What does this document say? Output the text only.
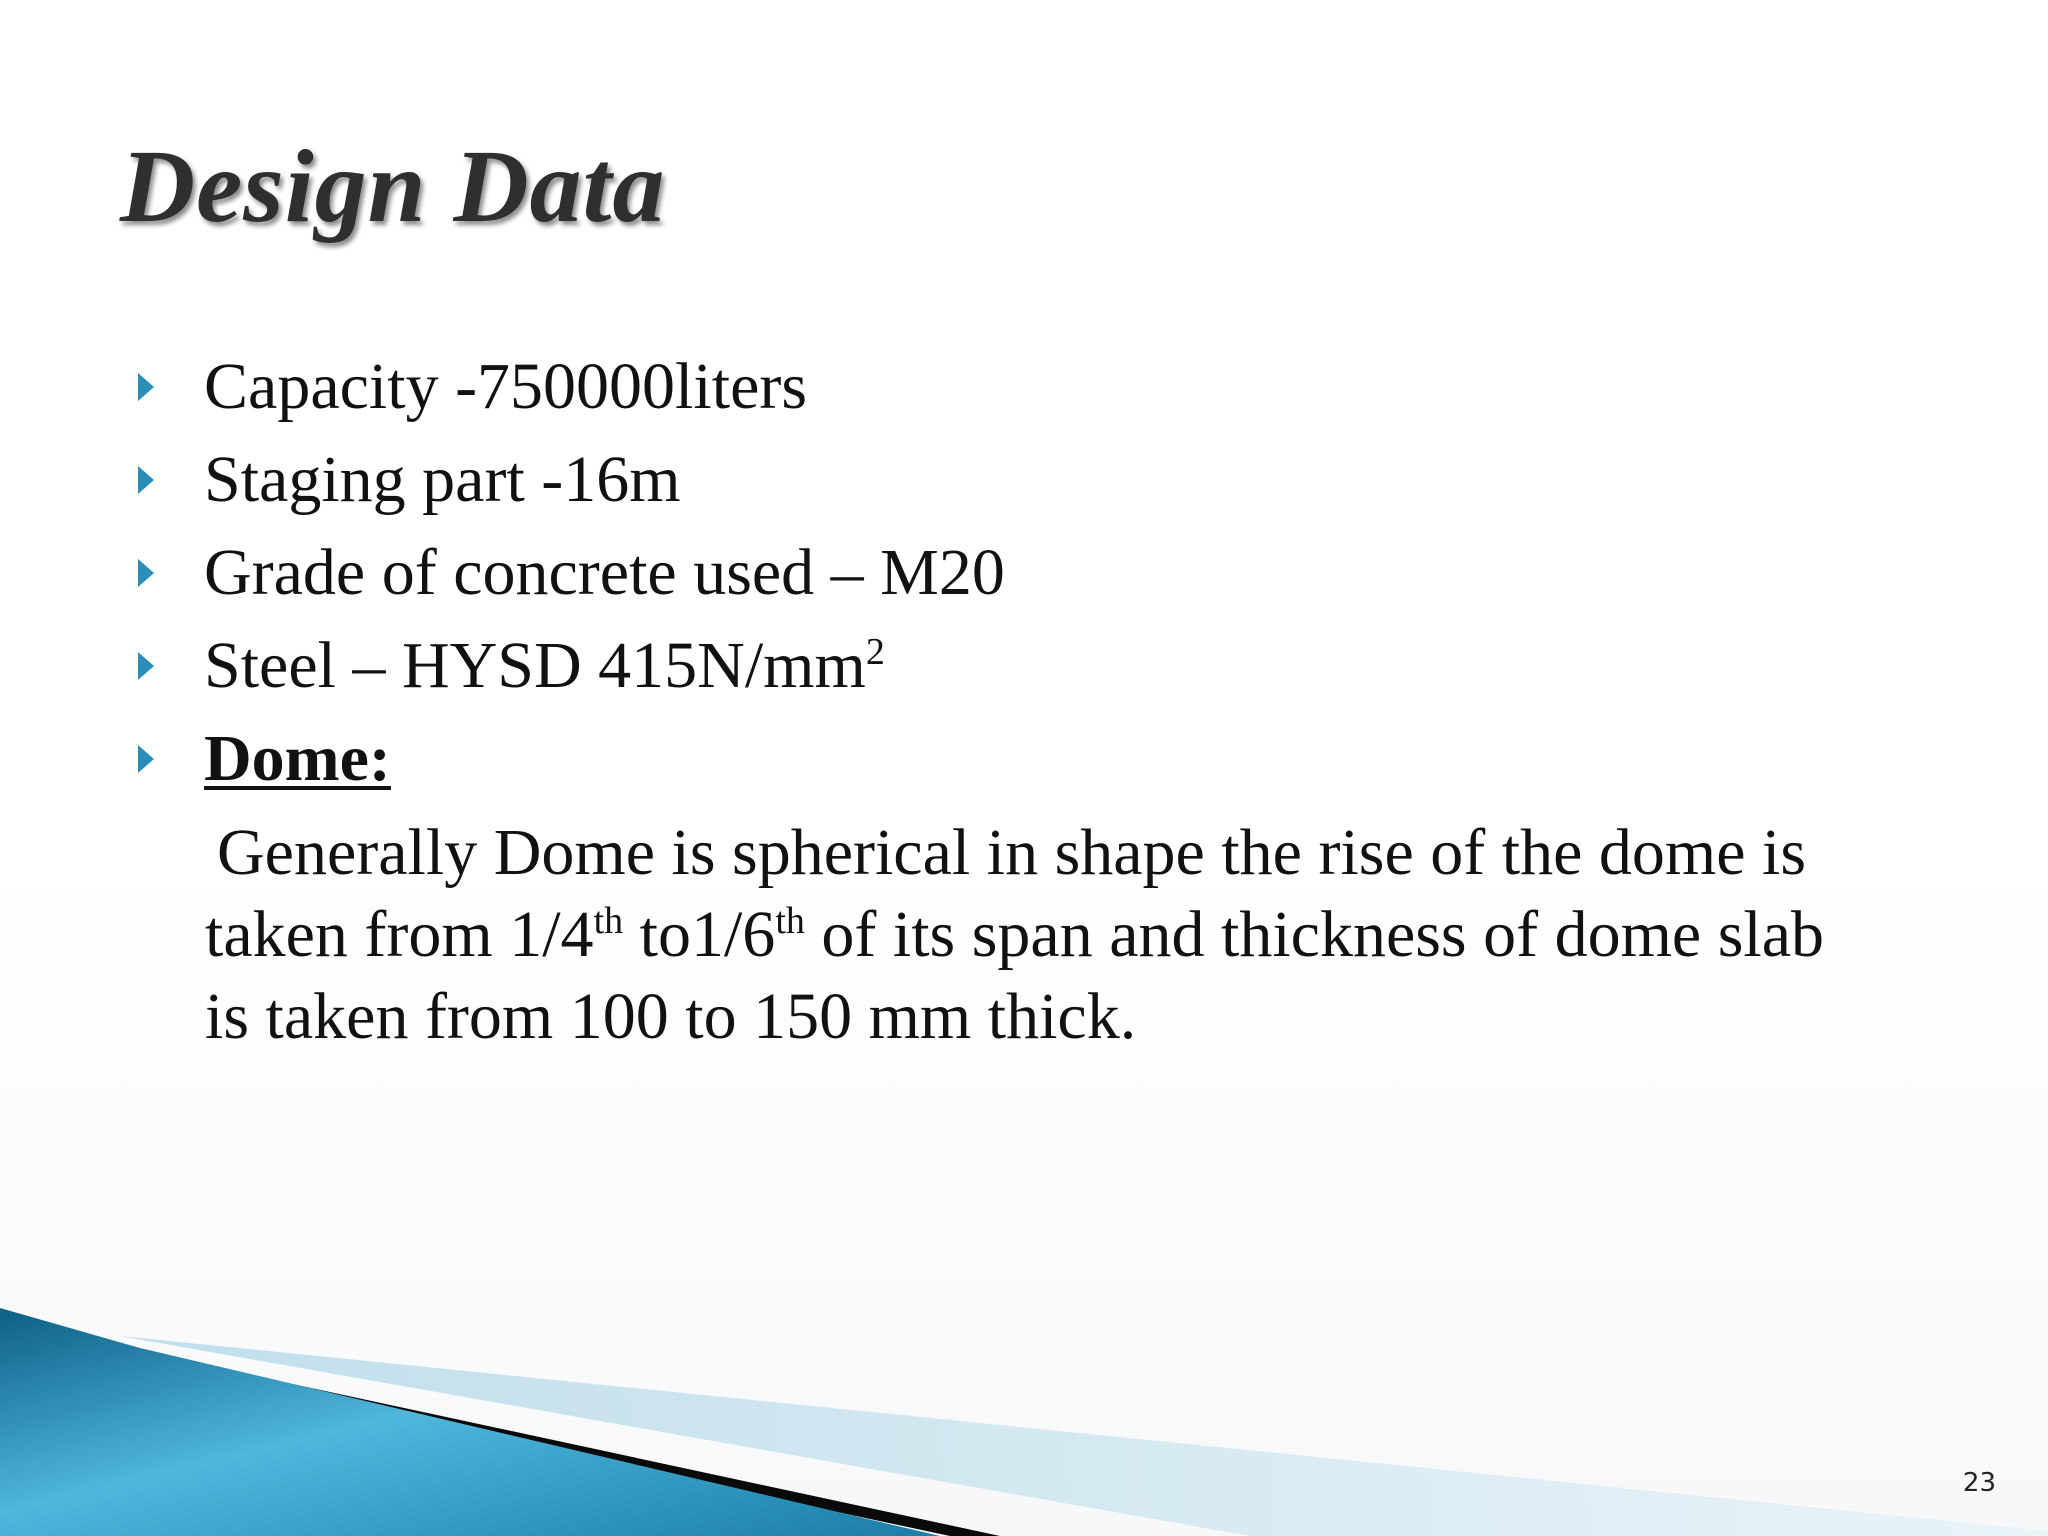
Design Data
Capacity -750000liters
Staging part -16m
Grade of concrete used – M20
Steel – HYSD $415N/mm^2$
Dome:
Generally Dome is spherical in shape the rise of the dome is
taken from 1/4th to1/6th of its span and thickness of dome slab
is taken from 100 to 150 mm thick.
23
